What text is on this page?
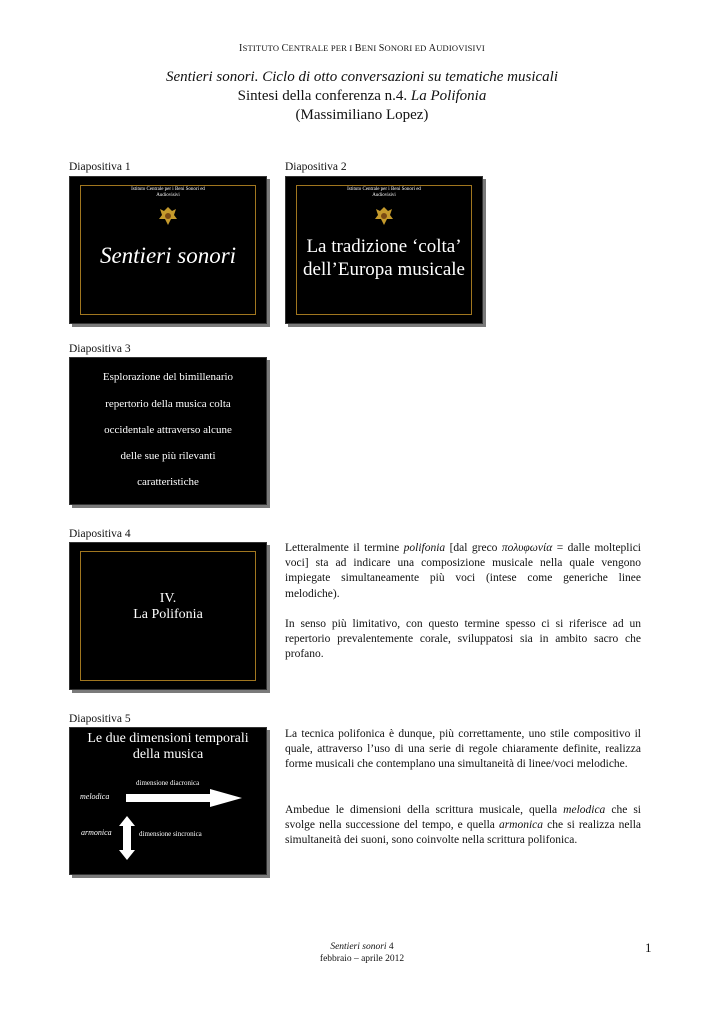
ISTITUTO CENTRALE PER I BENI SONORI ED AUDIOVISIVI
Sentieri sonori. Ciclo di otto conversazioni su tematiche musicali
Sintesi della conferenza n.4. La Polifonia
(Massimiliano Lopez)
Diapositiva 1
Istituto Centrale per i Beni Sonori ed Audiovisivi
Sentieri sonori
Diapositiva 2
Istituto Centrale per i Beni Sonori ed Audiovisivi
La tradizione ‘colta’
dell’Europa musicale
Diapositiva 3
Esplorazione del bimillenario
repertorio della musica colta
occidentale attraverso alcune
delle sue più rilevanti
caratteristiche
Diapositiva 4
IV.
La Polifonia
Letteralmente il termine polifonia [dal greco πολυφωνία = dalle molteplici voci] sta ad indicare una composizione musicale nella quale vengono impiegate simultaneamente più voci (intese come generiche linee melodiche).
In senso più limitativo, con questo termine spesso ci si riferisce ad un repertorio prevalentemente corale, sviluppatosi sia in ambito sacro che profano.
Diapositiva 5
Le due dimensioni temporali
della musica
dimensione diacronica
melodica
armonica	dimensione sincronica
La tecnica polifonica è dunque, più correttamente, uno stile compositivo il quale, attraverso l’uso di una serie di regole chiaramente definite, realizza forme musicali che contemplano una simultaneità di linee/voci melodiche.
Ambedue le dimensioni della scrittura musicale, quella melodica che si svolge nella successione del tempo, e quella armonica che si realizza nella simultaneità dei suoni, sono coinvolte nella scrittura polifonica.
Sentieri sonori 4
febbraio – aprile 2012
1
